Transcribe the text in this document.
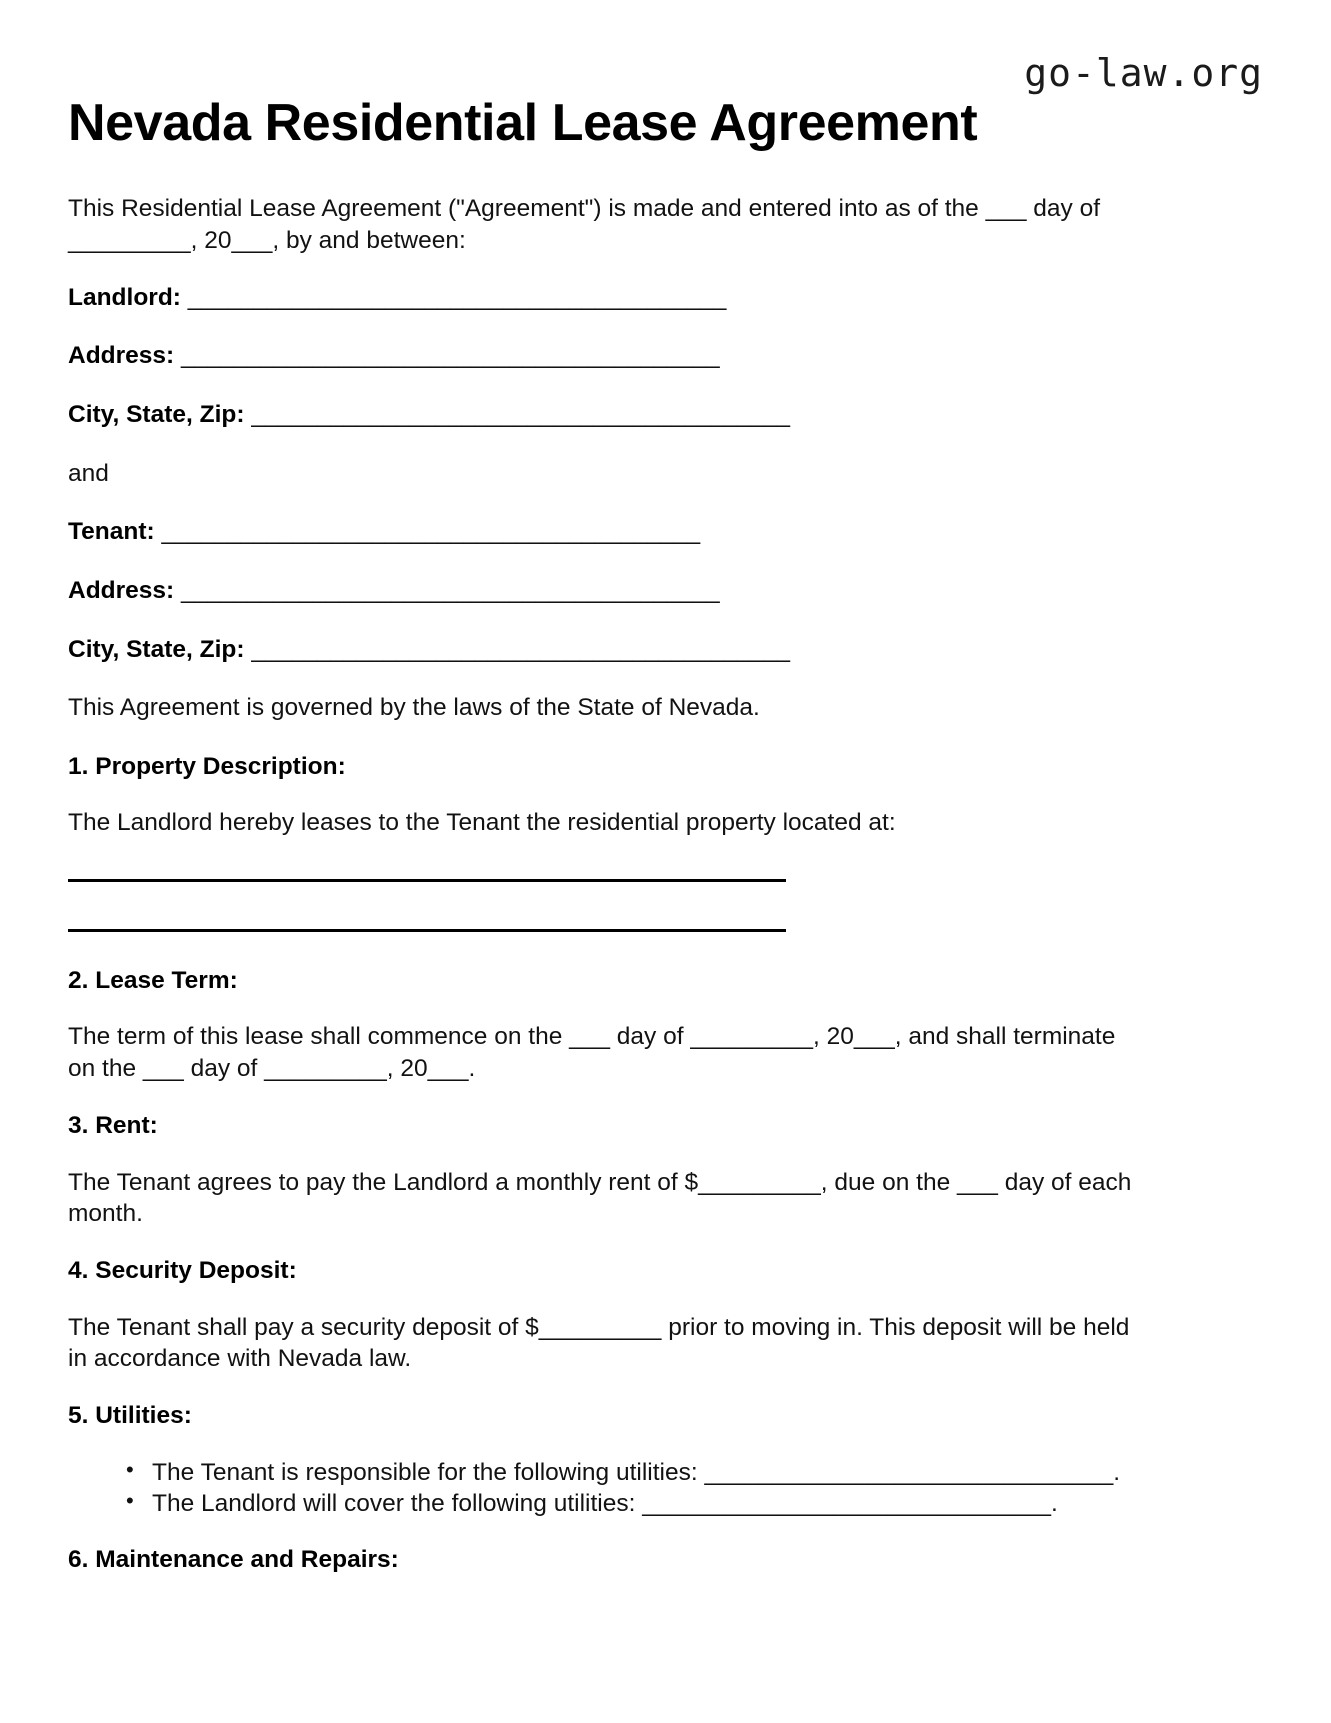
go-law.org
Nevada Residential Lease Agreement

This Residential Lease Agreement ("Agreement") is made and entered into as of the ___ day of _________, 20___, by and between:

Landlord: _________________________________________
Address: _________________________________________
City, State, Zip: _________________________________________

and

Tenant: _________________________________________
Address: _________________________________________
City, State, Zip: _________________________________________

This Agreement is governed by the laws of the State of Nevada.

1. Property Description:

The Landlord hereby leases to the Tenant the residential property located at:

2. Lease Term:

The term of this lease shall commence on the ___ day of _________, 20___, and shall terminate on the ___ day of _________, 20___.

3. Rent:

The Tenant agrees to pay the Landlord a monthly rent of $_________, due on the ___ day of each month.

4. Security Deposit:

The Tenant shall pay a security deposit of $_________ prior to moving in. This deposit will be held in accordance with Nevada law.

5. Utilities:
• The Tenant is responsible for the following utilities: ______________________________.
• The Landlord will cover the following utilities: ______________________________.
6. Maintenance and Repairs:
